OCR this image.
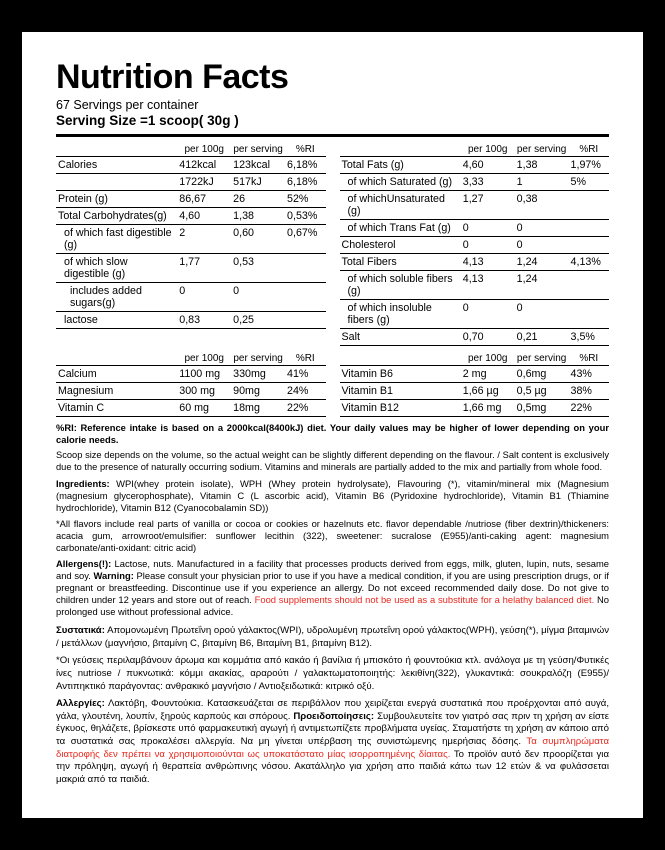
Nutrition Facts
67 Servings per container
Serving Size =1 scoop( 30g )
	per 100g	per serving	%RI
Calories	412kcal	123kcal	6,18%
	1722kJ	517kJ	6,18%
Protein (g)	86,67	26	52%
Total Carbohydrates(g)	4,60	1,38	0,53%
of which fast digestible (g)	2	0,60	0,67%
of which slow digestible (g)	1,77	0,53	
includes added sugars(g)	0	0	
lactose	0,83	0,25	
	per 100g	per serving	%RI
Total Fats (g)	4,60	1,38	1,97%
of which Saturated (g)	3,33	1	5%
of whichUnsaturated (g)	1,27	0,38	
of which Trans Fat (g)	0	0	
Cholesterol	0	0	
Total Fibers	4,13	1,24	4,13%
of which soluble fibers (g)	4,13	1,24	
of which insoluble fibers (g)	0	0	
Salt	0,70	0,21	3,5%
	per 100g	per serving	%RI
Calcium	1100 mg	330mg	41%
Magnesium	300 mg	90mg	24%
Vitamin C	60 mg	18mg	22%
	per 100g	per serving	%RI
Vitamin B6	2 mg	0,6mg	43%
Vitamin B1	1,66 µg	0,5 µg	38%
Vitamin B12	1,66 mg	0,5mg	22%

%RI: Reference intake is based on a 2000kcal(8400kJ) diet. Your daily values may be higher of lower depending on your calorie needs.

Scoop size depends on the volume, so the actual weight can be slightly different depending on the flavour. / Salt content is exclusively due to the presence of naturally occurring sodium. Vitamins and minerals are partially added to the mix and partially from whole food.

Ingredients: WPI(whey protein isolate), WPH (Whey protein hydrolysate), Flavouring (*), vitamin/mineral mix (Magnesium (magnesium glycerophosphate), Vitamin C (L ascorbic acid), Vitamin B6 (Pyridoxine hydrochloride), Vitamin B1 (Thiamine hydrochloride), Vitamin B12 (Cyanocobalamin SD))

*All flavors include real parts of vanilla or cocoa or cookies or hazelnuts etc. flavor dependable /nutriose (fiber dextrin)/thickeners: acacia gum, arrowroot/emulsifier: sunflower lecithin (322), sweetener: sucralose (E955)/anti-caking agent: magnesium carbonate/anti-oxidant: citric acid)

Allergens(!): Lactose, nuts. Manufactured in a facility that processes products derived from eggs, milk, gluten, lupin, nuts, sesame and soy. Warning: Please consult your physician prior to use if you have a medical condition, if you are using prescription drugs, or if pregnant or breastfeeding. Discontinue use if you experience an allergy. Do not exceed recommended daily dose. Do not give to children under 12 years and store out of reach. Food supplements should not be used as a substitute for a helathy balanced diet. No prolonged use without professional advice.

Συστατικά: Απομονωμένη Πρωτεΐνη ορού γάλακτος(WPI), υδρολυμένη πρωτεΐνη ορού γάλακτος(WPH), γεύση(*), μίγμα βιταμινών / μετάλλων (μαγνήσιο, βιταμίνη C, βιταμίνη B6, Βιταμίνη B1, βιταμίνη B12).

*Οι γεύσεις περιλαμβάνουν άρωμα και κομμάτια από κακάο ή βανίλια ή μπισκότο ή φουντούκια κτλ. ανάλογα με τη γεύση/Φυτικές ίνες nutriose / πυκνωτικά: κόμμι ακακίας, αραρούτι / γαλακτωματοποιητής: λεκιθίνη(322), γλυκαντικά: σουκραλόζη (E955)/ Αντιπηκτικό παράγοντας: ανθρακικό μαγνήσιο / Αντιοξειδωτικά: κιτρικό οξύ.

Αλλεργίες: Λακτόβη, Φουντούκια. Κατασκευάζεται σε περιβάλλον που χειρίζεται ενεργά συστατικά που προέρχονται από αυγά, γάλα, γλουτένη, λουπίν, ξηρούς καρπούς και σπόρους. Προειδοποίησεις: Συμβουλευτείτε τον γιατρό σας πριν τη χρήση αν είστε έγκυος, θηλάζετε, βρίσκεστε υπό φαρμακευτική αγωγή ή αντιμετωπίζετε προβλήματα υγείας. Σταματήστε τη χρήση αν κάποιο από τα συστατικά σας προκαλέσει αλλεργία. Να μη γίνεται υπέρβαση της συνιστώμενης ημερήσιας δόσης. Τα συμπληρώματα διατροφής δεν πρέπει να χρησιμοποιούνται ως υποκατάστατο μίας ισορροπημένης δίαιτας. Το προϊόν αυτό δεν προορίζεται για την πρόληψη, αγωγή ή θεραπεία ανθρώπινης νόσου. Ακατάλληλο για χρήση απο παιδιά κάτω των 12 ετών & να φυλάσσεται μακριά από τα παιδιά.
